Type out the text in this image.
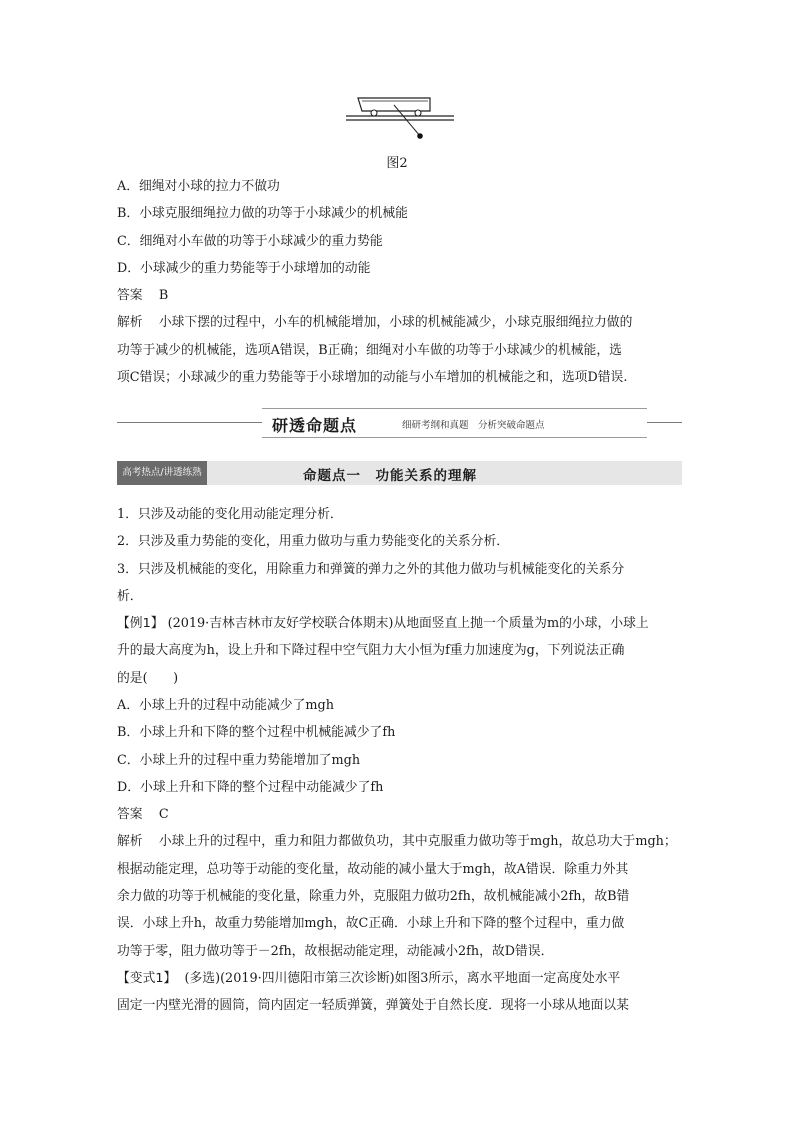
图2
A．细绳对小球的拉力不做功
B．小球克服细绳拉力做的功等于小球减少的机械能
C．细绳对小车做的功等于小球减少的重力势能
D．小球减少的重力势能等于小球增加的动能
答案 B
解析 小球下摆的过程中，小车的机械能增加，小球的机械能减少，小球克服细绳拉力做的
功等于减少的机械能，选项A错误，B正确；细绳对小车做的功等于小球减少的机械能，选
项C错误；小球减少的重力势能等于小球增加的动能与小车增加的机械能之和，选项D错误.
研透命题点	细研考纲和真题　分析突破命题点
高考热点/讲透练熟	命题点一　功能关系的理解
1．只涉及动能的变化用动能定理分析．
2．只涉及重力势能的变化，用重力做功与重力势能变化的关系分析．
3．只涉及机械能的变化，用除重力和弹簧的弹力之外的其他力做功与机械能变化的关系分
析．
【例1】 (2019·吉林吉林市友好学校联合体期末)从地面竖直上抛一个质量为m的小球，小球上
升的最大高度为h，设上升和下降过程中空气阻力大小恒为f重力加速度为g，下列说法正确
的是(　　)
A．小球上升的过程中动能减少了mgh
B．小球上升和下降的整个过程中机械能减少了fh
C．小球上升的过程中重力势能增加了mgh
D．小球上升和下降的整个过程中动能减少了fh
答案 C
解析 小球上升的过程中，重力和阻力都做负功，其中克服重力做功等于mgh，故总功大于mgh；
根据动能定理，总功等于动能的变化量，故动能的减小量大于mgh，故A错误．除重力外其
余力做的功等于机械能的变化量，除重力外，克服阻力做功2fh，故机械能减小2fh，故B错
误．小球上升h，故重力势能增加mgh，故C正确．小球上升和下降的整个过程中，重力做
功等于零，阻力做功等于－2fh，故根据动能定理，动能减小2fh，故D错误．
【变式1】 (多选)(2019·四川德阳市第三次诊断)如图3所示，离水平地面一定高度处水平
固定一内壁光滑的圆筒，筒内固定一轻质弹簧，弹簧处于自然长度．现将一小球从地面以某
